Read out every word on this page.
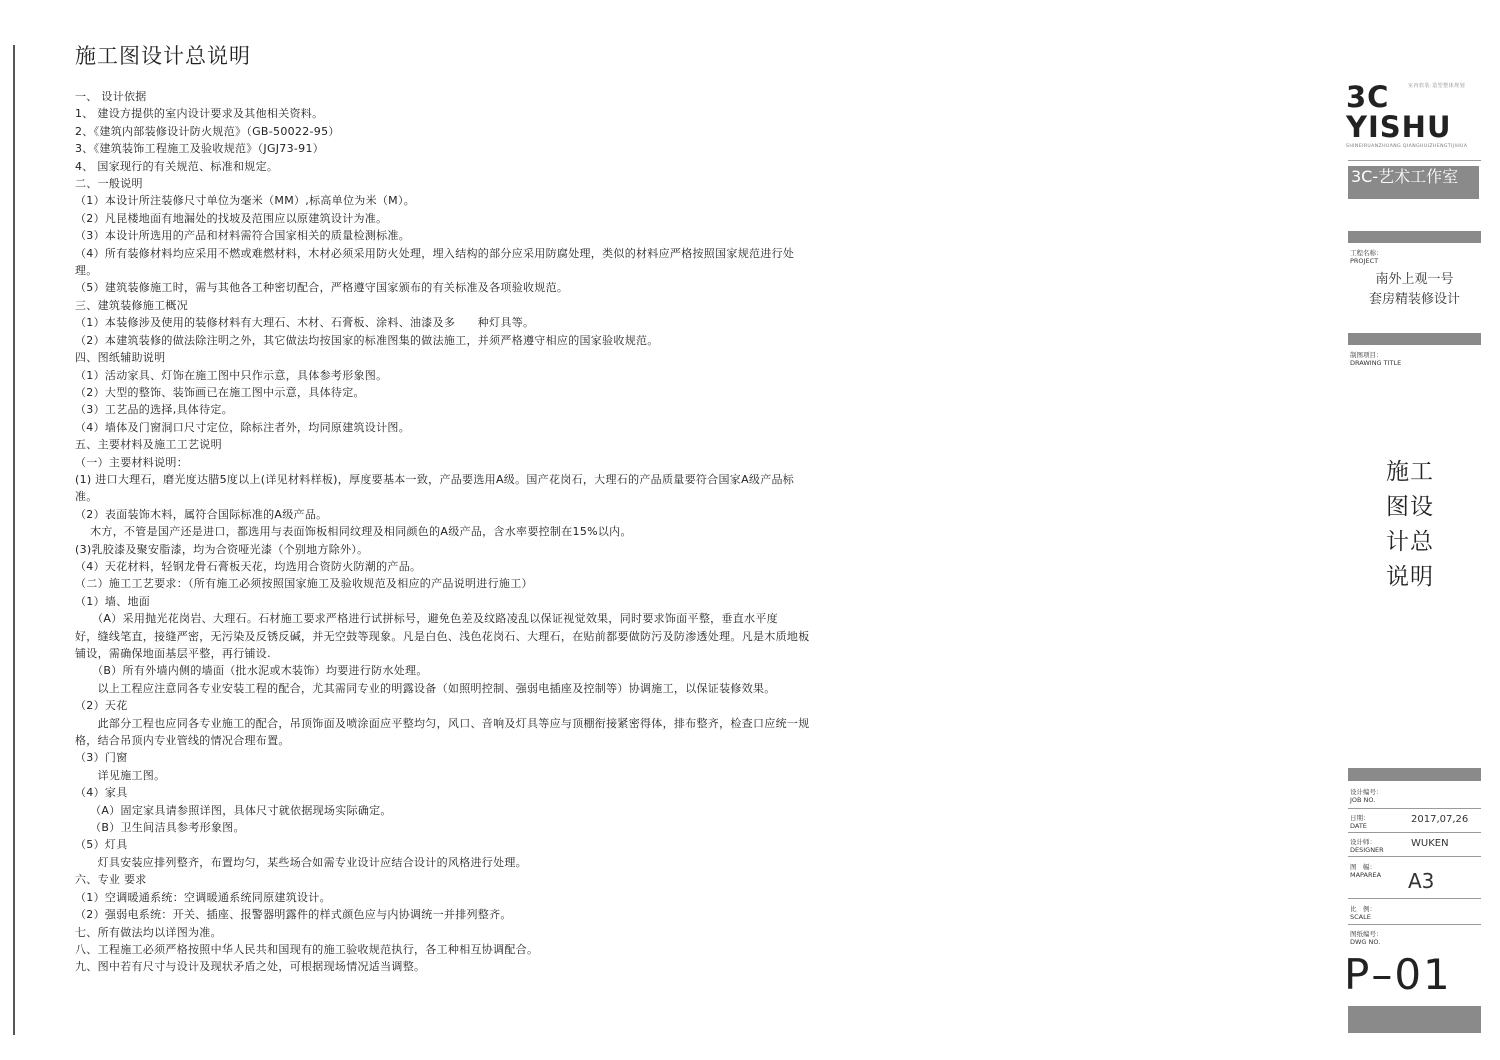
施工图设计总说明
一、 设计依据
1、 建设方提供的室内设计要求及其他相关资料。
2、《建筑内部装修设计防火规范》（GB-50022-95）
3、《建筑装饰工程施工及验收规范》（JGJ73-91）
4、 国家现行的有关规范、标准和规定。
二、一般说明
（1）本设计所注装修尺寸单位为毫米（MM）,标高单位为米（M）。
（2）凡昆楼地面有地漏处的找坡及范围应以原建筑设计为准。
（3）本设计所选用的产品和材料需符合国家相关的质量检测标准。
（4）所有装修材料均应采用不燃或难燃材料，木材必须采用防火处理，埋入结构的部分应采用防腐处理，类似的材料应严格按照国家规范进行处
理。
（5）建筑装修施工时，需与其他各工种密切配合，严格遵守国家颁布的有关标准及各项验收规范。
三、建筑装修施工概况
（1）本装修涉及使用的装修材料有大理石、木材、石膏板、涂料、油漆及多　　种灯具等。
（2）本建筑装修的做法除注明之外，其它做法均按国家的标准图集的做法施工，并须严格遵守相应的国家验收规范。
四、图纸辅助说明
（1）活动家具、灯饰在施工图中只作示意，具体参考形象图。
（2）大型的整饰、装饰画已在施工图中示意，具体待定。
（3）工艺品的选择,具体待定。
（4）墙体及门窗洞口尺寸定位，除标注者外，均同原建筑设计图。
五、主要材料及施工工艺说明
（一）主要材料说明：
(1) 进口大理石，磨光度达腊5度以上(详见材料样板)，厚度要基本一致，产品要选用A级。国产花岗石，大理石的产品质量要符合国家A级产品标
准。
（2）表面装饰木料，属符合国际标准的A级产品。
　 木方，不管是国产还是进口，都选用与表面饰板相同纹理及相同颜色的A级产品，含水率要控制在15%以内。
(3)乳胶漆及聚安脂漆，均为合资哑光漆（个别地方除外）。
（4）天花材料，轻钢龙骨石膏板天花，均选用合资防火防潮的产品。
（二）施工工艺要求：（所有施工必须按照国家施工及验收规范及相应的产品说明进行施工）
（1）墙、地面
　　（A）采用抛光花岗岩、大理石。石材施工要求严格进行试拼标号，避免色差及纹路凌乱以保证视觉效果，同时要求饰面平整，垂直水平度
好，缝线笔直，接缝严密，无污染及反锈反碱，并无空鼓等现象。凡是白色、浅色花岗石、大理石，在贴前都要做防污及防渗透处理。凡是木质地板
铺设，需确保地面基层平整，再行铺设.
　　（B）所有外墙内侧的墙面（批水泥或木装饰）均要进行防水处理。
　　以上工程应注意同各专业安装工程的配合，尤其需同专业的明露设备（如照明控制、强弱电插座及控制等）协调施工，以保证装修效果。
（2）天花
　　此部分工程也应同各专业施工的配合，吊顶饰面及喷涂面应平整均匀，风口、音响及灯具等应与顶棚衔接紧密得体，排布整齐，检查口应统一规
格，结合吊顶内专业管线的情况合理布置。
（3）门窗
　　详见施工图。
（4）家具
　 （A）固定家具请参照详图，具体尺寸就依据现场实际确定。
　 （B）卫生间洁具参考形象图。
（5）灯具
　　灯具安装应排列整齐，布置均匀，某些场合如需专业设计应结合设计的风格进行处理。
六、专业 要求
（1）空调暖通系统：空调暖通系统同原建筑设计。
（2）强弱电系统：开关、插座、报警器明露件的样式颜色应与内协调统一并排列整齐。
七、所有做法均以详图为准。
八、工程施工必须严格按照中华人民共和国现有的施工验收规范执行，各工种相互协调配合。
九、图中若有尺寸与设计及现状矛盾之处，可根据现场情况适当调整。
3C YISHU
室内软装·造型整体规划
SHINEIRUANZHUANG QIANGHUIZHENGTIJIHUA
3C-艺术工作室
工程名称：
PROJECT
南外上观一号
套房精装修设计
制图项目：
DRAWING TITLE
施工
图设
计总
说明
设计编号：
JOB NO.
日期：
DATE
2017,07,26
设计师：
DESIGNER
WUKEN
图　幅：
MAPAREA A3
比　例：
SCALE
图纸编号：
DWG NO.
P–01
